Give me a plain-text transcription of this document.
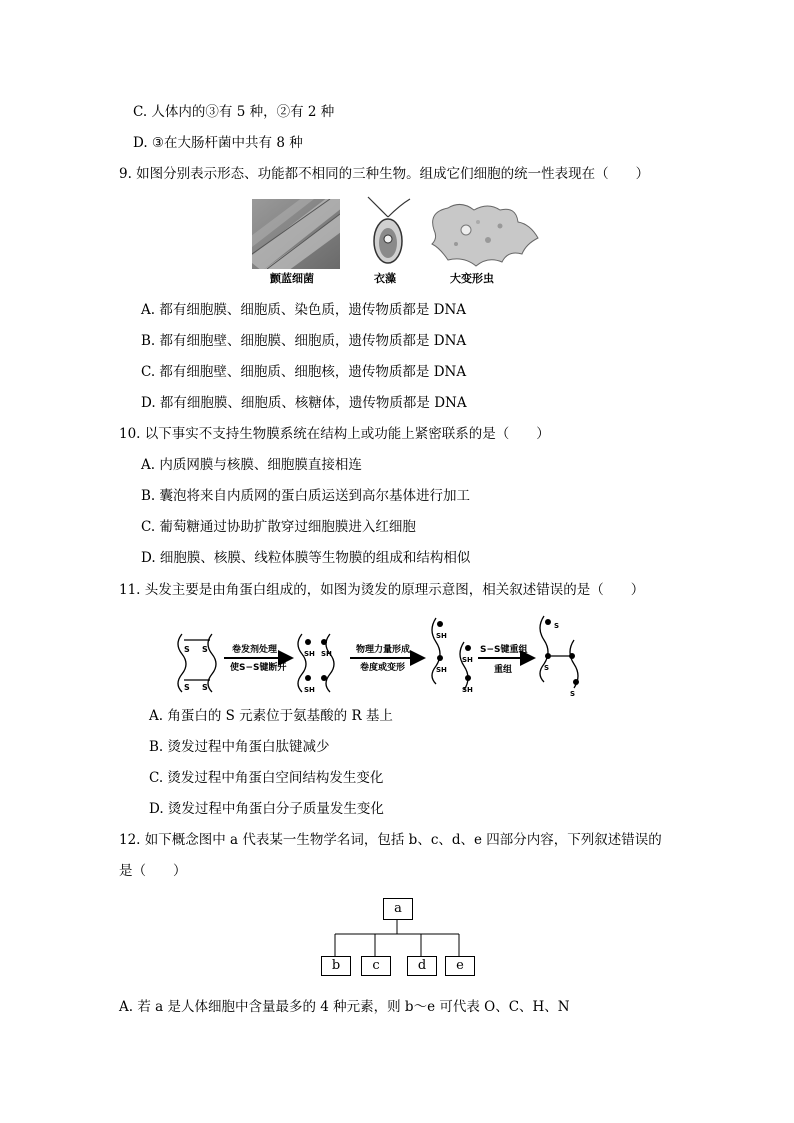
C. 人体内的③有 5 种，②有 2 种
D. ③在大肠杆菌中共有 8 种
9. 如图分别表示形态、功能都不相同的三种生物。组成它们细胞的统一性表现在（　　）
颤蓝细菌	衣藻	大变形虫
A. 都有细胞膜、细胞质、染色质，遗传物质都是 DNA
B. 都有细胞壁、细胞膜、细胞质，遗传物质都是 DNA
C. 都有细胞壁、细胞质、细胞核，遗传物质都是 DNA
D. 都有细胞膜、细胞质、核糖体，遗传物质都是 DNA
10. 以下事实不支持生物膜系统在结构上或功能上紧密联系的是（　　）
A. 内质网膜与核膜、细胞膜直接相连
B. 囊泡将来自内质网的蛋白质运送到高尔基体进行加工
C. 葡萄糖通过协助扩散穿过细胞膜进入红细胞
D. 细胞膜、核膜、线粒体膜等生物膜的组成和结构相似
11. 头发主要是由角蛋白组成的，如图为烫发的原理示意图，相关叙述错误的是（　　）
S S
S S
卷发剂处理
使S−S键断开
SH SH
SH
物理力量形成
卷度或变形
SH
SH
SH
SH
S−S键重组
重组
S
S
S
A. 角蛋白的 S 元素位于氨基酸的 R 基上
B. 烫发过程中角蛋白肽键减少
C. 烫发过程中角蛋白空间结构发生变化
D. 烫发过程中角蛋白分子质量发生变化
12. 如下概念图中 a 代表某一生物学名词，包括 b、c、d、e 四部分内容，下列叙述错误的
是（　　）
a
b	c	d	e
A. 若 a 是人体细胞中含量最多的 4 种元素，则 b～e 可代表 O、C、H、N
